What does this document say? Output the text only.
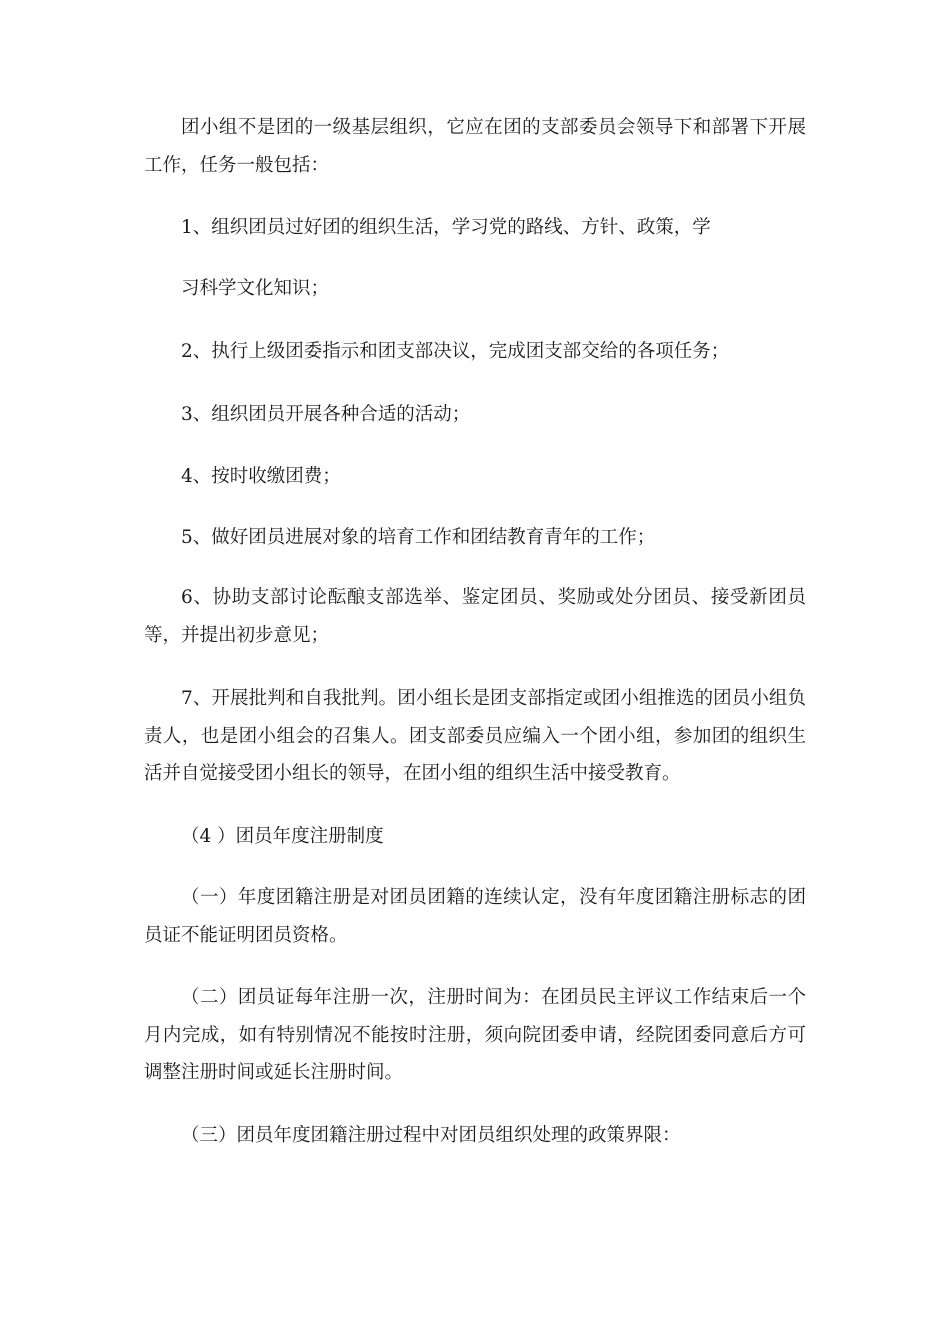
团小组不是团的一级基层组织，它应在团的支部委员会领导下和部署下开展工作，任务一般包括：

1、组织团员过好团的组织生活，学习党的路线、方针、政策，学

习科学文化知识；

2、执行上级团委指示和团支部决议，完成团支部交给的各项任务；

3、组织团员开展各种合适的活动；

4、按时收缴团费；

5、做好团员进展对象的培育工作和团结教育青年的工作；

6、协助支部讨论酝酿支部选举、鉴定团员、奖励或处分团员、接受新团员等，并提出初步意见；

7、开展批判和自我批判。团小组长是团支部指定或团小组推选的团员小组负责人，也是团小组会的召集人。团支部委员应编入一个团小组，参加团的组织生活并自觉接受团小组长的领导，在团小组的组织生活中接受教育。

（4 ）团员年度注册制度

（一）年度团籍注册是对团员团籍的连续认定，没有年度团籍注册标志的团员证不能证明团员资格。

（二）团员证每年注册一次，注册时间为：在团员民主评议工作结束后一个月内完成，如有特别情况不能按时注册，须向院团委申请，经院团委同意后方可调整注册时间或延长注册时间。

（三）团员年度团籍注册过程中对团员组织处理的政策界限：
